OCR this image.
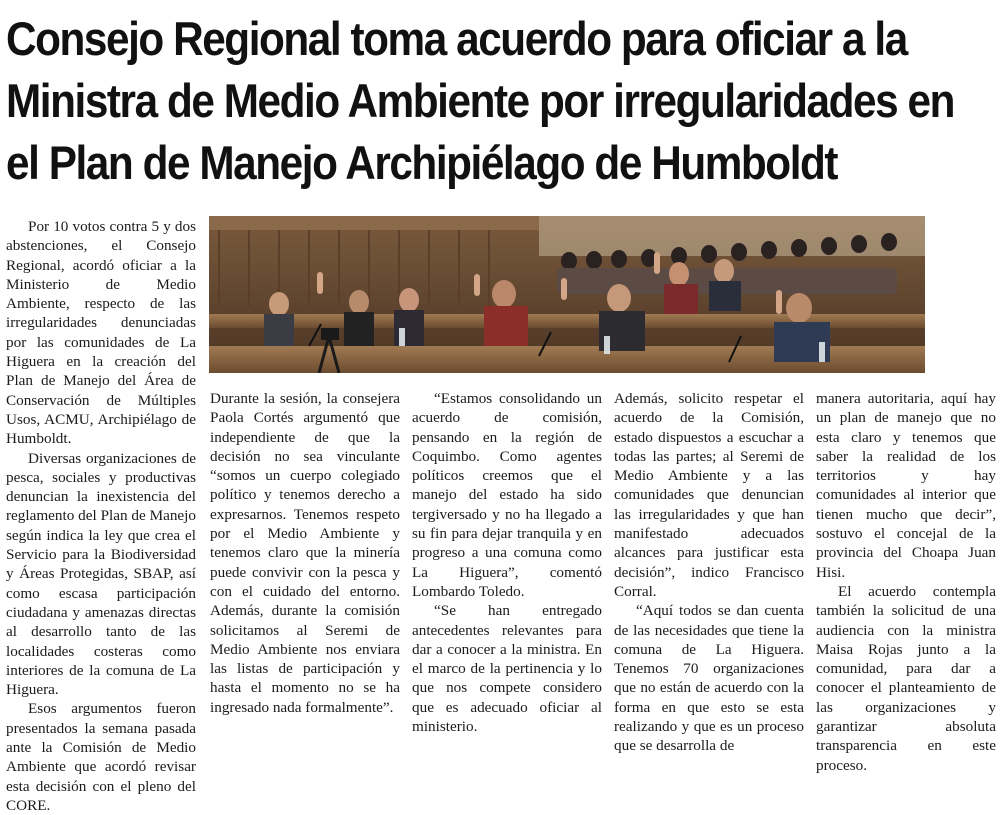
Consejo Regional toma acuerdo para oficiar a la
Ministra de Medio Ambiente por irregularidades en
el Plan de Manejo Archipiélago de Humboldt

Por 10 votos contra 5 y dos abstenciones, el Consejo Regional, acordó oficiar a la Ministerio de Medio Ambiente, respecto de las irregularidades denunciadas por las comunidades de La Higuera en la creación del Plan de Manejo del Área de Conservación de Múltiples Usos, ACMU, Archipiélago de Humboldt.

Diversas organizaciones de pesca, sociales y productivas denuncian la inexistencia del reglamento del Plan de Manejo según indica la ley que crea el Servicio para la Biodiversidad y Áreas Protegidas, SBAP, así como escasa participación ciudadana y amenazas directas al desarrollo tanto de las localidades costeras como interiores de la comuna de La Higuera.

Esos argumentos fueron presentados la semana pasada ante la Comisión de Medio Ambiente que acordó revisar esta decisión con el pleno del CORE.

Durante la sesión, la consejera Paola Cortés argumentó que independiente de que la decisión no sea vinculante “somos un cuerpo colegiado político y tenemos derecho a expresarnos. Tenemos respeto por el Medio Ambiente y tenemos claro que la minería puede convivir con la pesca y con el cuidado del entorno. Además, durante la comisión solicitamos al Seremi de Medio Ambiente nos enviara las listas de participación y hasta el momento no se ha ingresado nada formalmente”.

“Estamos consolidando un acuerdo de comisión, pensando en la región de Coquimbo. Como agentes políticos creemos que el manejo del estado ha sido tergiversado y no ha llegado a su fin para dejar tranquila y en progreso a una comuna como La Higuera”, comentó Lombardo Toledo.

“Se han entregado antecedentes relevantes para dar a conocer a la ministra. En el marco de la pertinencia y lo que nos compete considero que es adecuado oficiar al ministerio.

Además, solicito respetar el acuerdo de la Comisión, estado dispuestos a escuchar a todas las partes; al Seremi de Medio Ambiente y a las comunidades que denuncian las irregularidades y que han manifestado adecuados alcances para justificar esta decisión”, indico Francisco Corral.

“Aquí todos se dan cuenta de las necesidades que tiene la comuna de La Higuera. Tenemos 70 organizaciones que no están de acuerdo con la forma en que esto se esta realizando y que es un proceso que se desarrolla de

manera autoritaria, aquí hay un plan de manejo que no esta claro y tenemos que saber la realidad de los territorios y hay comunidades al interior que tienen mucho que decir”, sostuvo el concejal de la provincia del Choapa Juan Hisi.

El acuerdo contempla también la solicitud de una audiencia con la ministra Maisa Rojas junto a la comunidad, para dar a conocer el planteamiento de las organizaciones y garantizar absoluta transparencia en este proceso.
